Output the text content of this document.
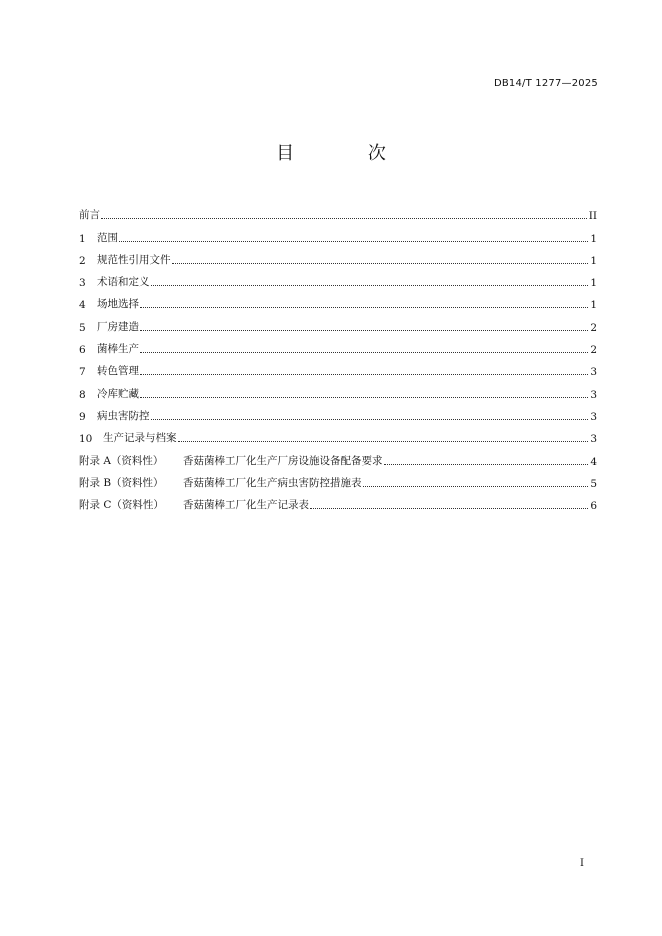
DB14/T 1277—2025
目 次
前言	II
1	范围	1
2	规范性引用文件	1
3	术语和定义	1
4	场地选择	1
5	厂房建造	2
6	菌棒生产	2
7	转色管理	3
8	冷库贮藏	3
9	病虫害防控	3
10	生产记录与档案	3
附录 A（资料性）	香菇菌棒工厂化生产厂房设施设备配备要求	4
附录 B（资料性）	香菇菌棒工厂化生产病虫害防控措施表	5
附录 C（资料性）	香菇菌棒工厂化生产记录表	6
I
